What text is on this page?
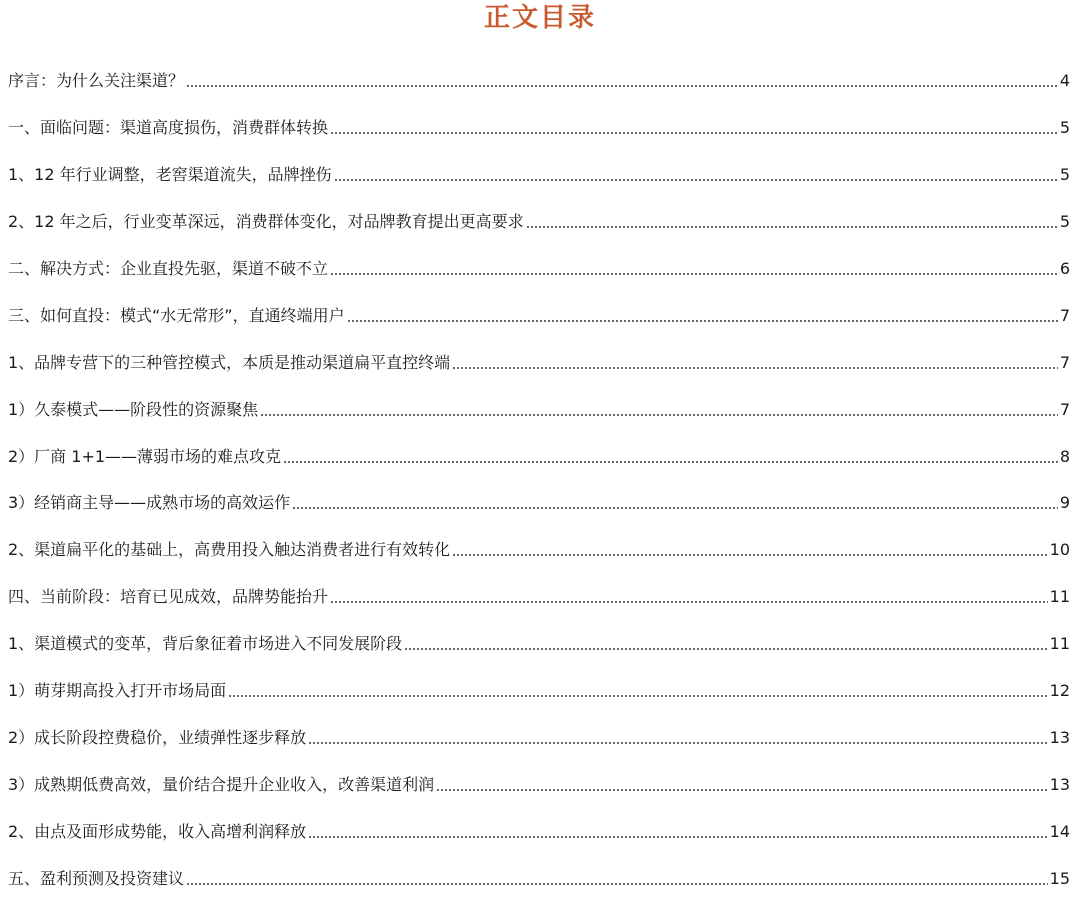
正文目录
序言：为什么关注渠道？	4
一、面临问题：渠道高度损伤，消费群体转换	5
1、12 年行业调整，老窖渠道流失，品牌挫伤	5
2、12 年之后，行业变革深远，消费群体变化，对品牌教育提出更高要求	5
二、解决方式：企业直投先驱，渠道不破不立	6
三、如何直投：模式“水无常形”，直通终端用户	7
1、品牌专营下的三种管控模式，本质是推动渠道扁平直控终端	7
1）久泰模式——阶段性的资源聚焦	7
2）厂商 1+1——薄弱市场的难点攻克	8
3）经销商主导——成熟市场的高效运作	9
2、渠道扁平化的基础上，高费用投入触达消费者进行有效转化	10
四、当前阶段：培育已见成效，品牌势能抬升	11
1、渠道模式的变革，背后象征着市场进入不同发展阶段	11
1）萌芽期高投入打开市场局面	12
2）成长阶段控费稳价，业绩弹性逐步释放	13
3）成熟期低费高效，量价结合提升企业收入，改善渠道利润	13
2、由点及面形成势能，收入高增利润释放	14
五、盈利预测及投资建议	15
